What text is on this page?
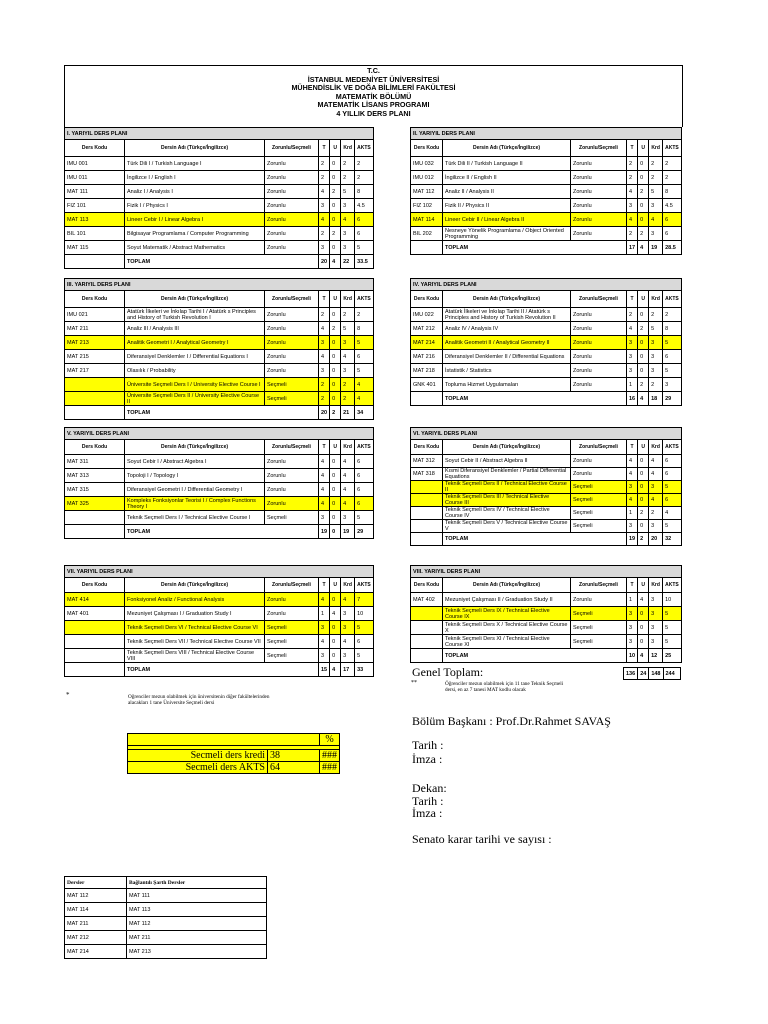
T.C.
İSTANBUL MEDENİYET ÜNİVERSİTESİ
MÜHENDİSLİK VE DOĞA BİLİMLERİ FAKÜLTESİ
MATEMATİK BÖLÜMÜ
MATEMATİK LİSANS PROGRAMI
4 YILLIK DERS PLANI
I. YARIYIL DERS PLANI						
Ders Kodu	Dersin Adı (Türkçe/İngilizce)	Zorunlu/Seçmeli	T	U	Krd	AKTS
IMU 001	Türk Dili I / Turkish Language I	Zorunlu	2	0	2	2
IMU 011	İngilizce I / English I	Zorunlu	2	0	2	2
MAT 111	Analiz I / Analysis I	Zorunlu	4	2	5	8
FIZ 101	Fizik I / Physics I	Zorunlu	3	0	3	4.5
MAT 113	Lineer Cebir I / Linear Algebra I	Zorunlu	4	0	4	6
BIL 101	Bilgisayar Programlama / Computer Programming	Zorunlu	2	2	3	6
MAT 115	Soyut Matematik / Abstract Mathematics	Zorunlu	3	0	3	5
	TOPLAM		20	4	22	33.5
II. YARIYIL DERS PLANI						
Ders Kodu	Dersin Adı (Türkçe/İngilizce)	Zorunlu/Seçmeli	T	U	Krd	AKTS
IMU 032	Türk Dili II / Turkish Language II	Zorunlu	2	0	2	2
IMU 012	İngilizce II / English II	Zorunlu	2	0	2	2
MAT 112	Analiz II / Analysis II	Zorunlu	4	2	5	8
FIZ 102	Fizik II / Physics II	Zorunlu	3	0	3	4.5
MAT 114	Lineer Cebir II / Linear Algebra II	Zorunlu	4	0	4	6
BIL 202	Nesneye Yönelik Programlama / Object Oriented Programming	Zorunlu	2	2	3	6
	TOPLAM		17	4	19	28.5
III. YARIYIL DERS PLANI						
Ders Kodu	Dersin Adı (Türkçe/İngilizce)	Zorunlu/Seçmeli	T	U	Krd	AKTS
IMU 021	Atatürk İlkeleri ve İnkılap Tarihi I / Atatürk s Principles and History of Turkish Revolution I	Zorunlu	2	0	2	2
MAT 211	Analiz III / Analysis III	Zorunlu	4	2	5	8
MAT 213	Analitik Geometri I / Analytical Geometry I	Zorunlu	3	0	3	5
MAT 215	Diferansiyel Denklemler I / Differential Equations I	Zorunlu	4	0	4	6
MAT 217	Olasılık / Probability	Zorunlu	3	0	3	5
	Üniversite Seçmeli Ders I / University Elective Course I	Seçmeli	2	0	2	4
	Üniversite Seçmeli Ders II / University Elective Course II	Seçmeli	2	0	2	4
	TOPLAM		20	2	21	34
IV. YARIYIL DERS PLANI						
Ders Kodu	Dersin Adı (Türkçe/İngilizce)	Zorunlu/Seçmeli	T	U	Krd	AKTS
IMU 022	Atatürk İlkeleri ve İnkılap Tarihi II / Atatürk s Principles and History of Turkish Revolution II	Zorunlu	2	0	2	2
MAT 212	Analiz IV / Analysis IV	Zorunlu	4	2	5	8
MAT 214	Analitik Geometri II / Analytical Geometry II	Zorunlu	3	0	3	5
MAT 216	Diferansiyel Denklemler II / Differential Equations	Zorunlu	3	0	3	6
MAT 218	İstatistik / Statistics	Zorunlu	3	0	3	5
GNK 401	Topluma Hizmet Uygulamaları	Zorunlu	1	2	2	3
	TOPLAM		16	4	18	29
V. YARIYIL DERS PLANI						
Ders Kodu	Dersin Adı (Türkçe/İngilizce)	Zorunlu/Seçmeli	T	U	Krd	AKTS
MAT 311	Soyut Cebir I / Abstract Algebra I	Zorunlu	4	0	4	6
MAT 313	Topoloji I / Topology I	Zorunlu	4	0	4	6
MAT 315	Diferansiyel Geometri I / Differential Geometry I	Zorunlu	4	0	4	6
MAT 325	Kompleks Fonksiyonlar Teorisi I / Complex Functions Theory I	Zorunlu	4	0	4	6
	Teknik Seçmeli Ders I / Technical Elective Course I	Seçmeli	3	0	3	5
	TOPLAM		19	0	19	29
VI. YARIYIL DERS PLANI						
Ders Kodu	Dersin Adı (Türkçe/İngilizce)	Zorunlu/Seçmeli	T	U	Krd	AKTS
MAT 312	Soyut Cebir II / Abstract Algebra II	Zorunlu	4	0	4	6
MAT 318	Kısmi Diferansiyel Denklemler / Partial Differential Equations	Zorunlu	4	0	4	6
	Teknik Seçmeli Ders II / Technical Elective Course II	Seçmeli	3	0	3	5
	Teknik Seçmeli Ders III / Technical Elective Course III	Seçmeli	4	0	4	6
	Teknik Seçmeli Ders IV / Technical Elective Course IV	Seçmeli	1	2	2	4
	Teknik Seçmeli Ders V / Technical Elective Course V	Seçmeli	3	0	3	5
	TOPLAM		19	2	20	32
VII. YARIYIL DERS PLANI						
Ders Kodu	Dersin Adı (Türkçe/İngilizce)	Zorunlu/Seçmeli	T	U	Krd	AKTS
MAT 414	Fonksiyonel Analiz / Functional Analysis	Zorunlu	4	0	4	7
MAT 401	Mezuniyet Çalışması I / Graduation Study I	Zorunlu	1	4	3	10
	Teknik Seçmeli Ders VI / Technical Elective Course VI	Seçmeli	3	0	3	5
	Teknik Seçmeli Ders VII / Technical Elective Course VII	Seçmeli	4	0	4	6
	Teknik Seçmeli Ders VIII / Technical Elective Course VIII	Seçmeli	3	0	3	5
	TOPLAM		15	4	17	33
VIII. YARIYIL DERS PLANI						
Ders Kodu	Dersin Adı (Türkçe/İngilizce)	Zorunlu/Seçmeli	T	U	Krd	AKTS
MAT 402	Mezuniyet Çalışması II / Graduation Study II	Zorunlu	1	4	3	10
	Teknik Seçmeli Ders IX / Technical Elective Course IX	Seçmeli	3	0	3	5
	Teknik Seçmeli Ders X / Technical Elective Course X	Seçmeli	3	0	3	5
	Teknik Seçmeli Ders XI / Technical Elective Course XI	Seçmeli	3	0	3	5
	TOPLAM		10	4	12	25
Genel Toplam:	136	24	148	244
*	Öğrenciler mezun olabilmek için üniversitenin diğer fakültelerinden alacakları 1 tane Üniversite Seçmeli dersi
**	Öğrenciler mezun olabilmek için 11 tane Teknik Seçmeli dersi, en az 7 tanesi MAT kodlu olacak
		%

Secmeli ders kredi	38	###
Secmeli ders AKTS	64	###
Bölüm Başkanı : Prof.Dr.Rahmet SAVAŞ
Tarih :
İmza :
Dekan:
Tarih :
İmza :
Senato karar tarihi ve sayısı :
Dersler	Bağlantılı Şartlı Dersler
MAT 112	MAT 111
MAT 114	MAT 113
MAT 211	MAT 112
MAT 212	MAT 211
MAT 214	MAT 213
